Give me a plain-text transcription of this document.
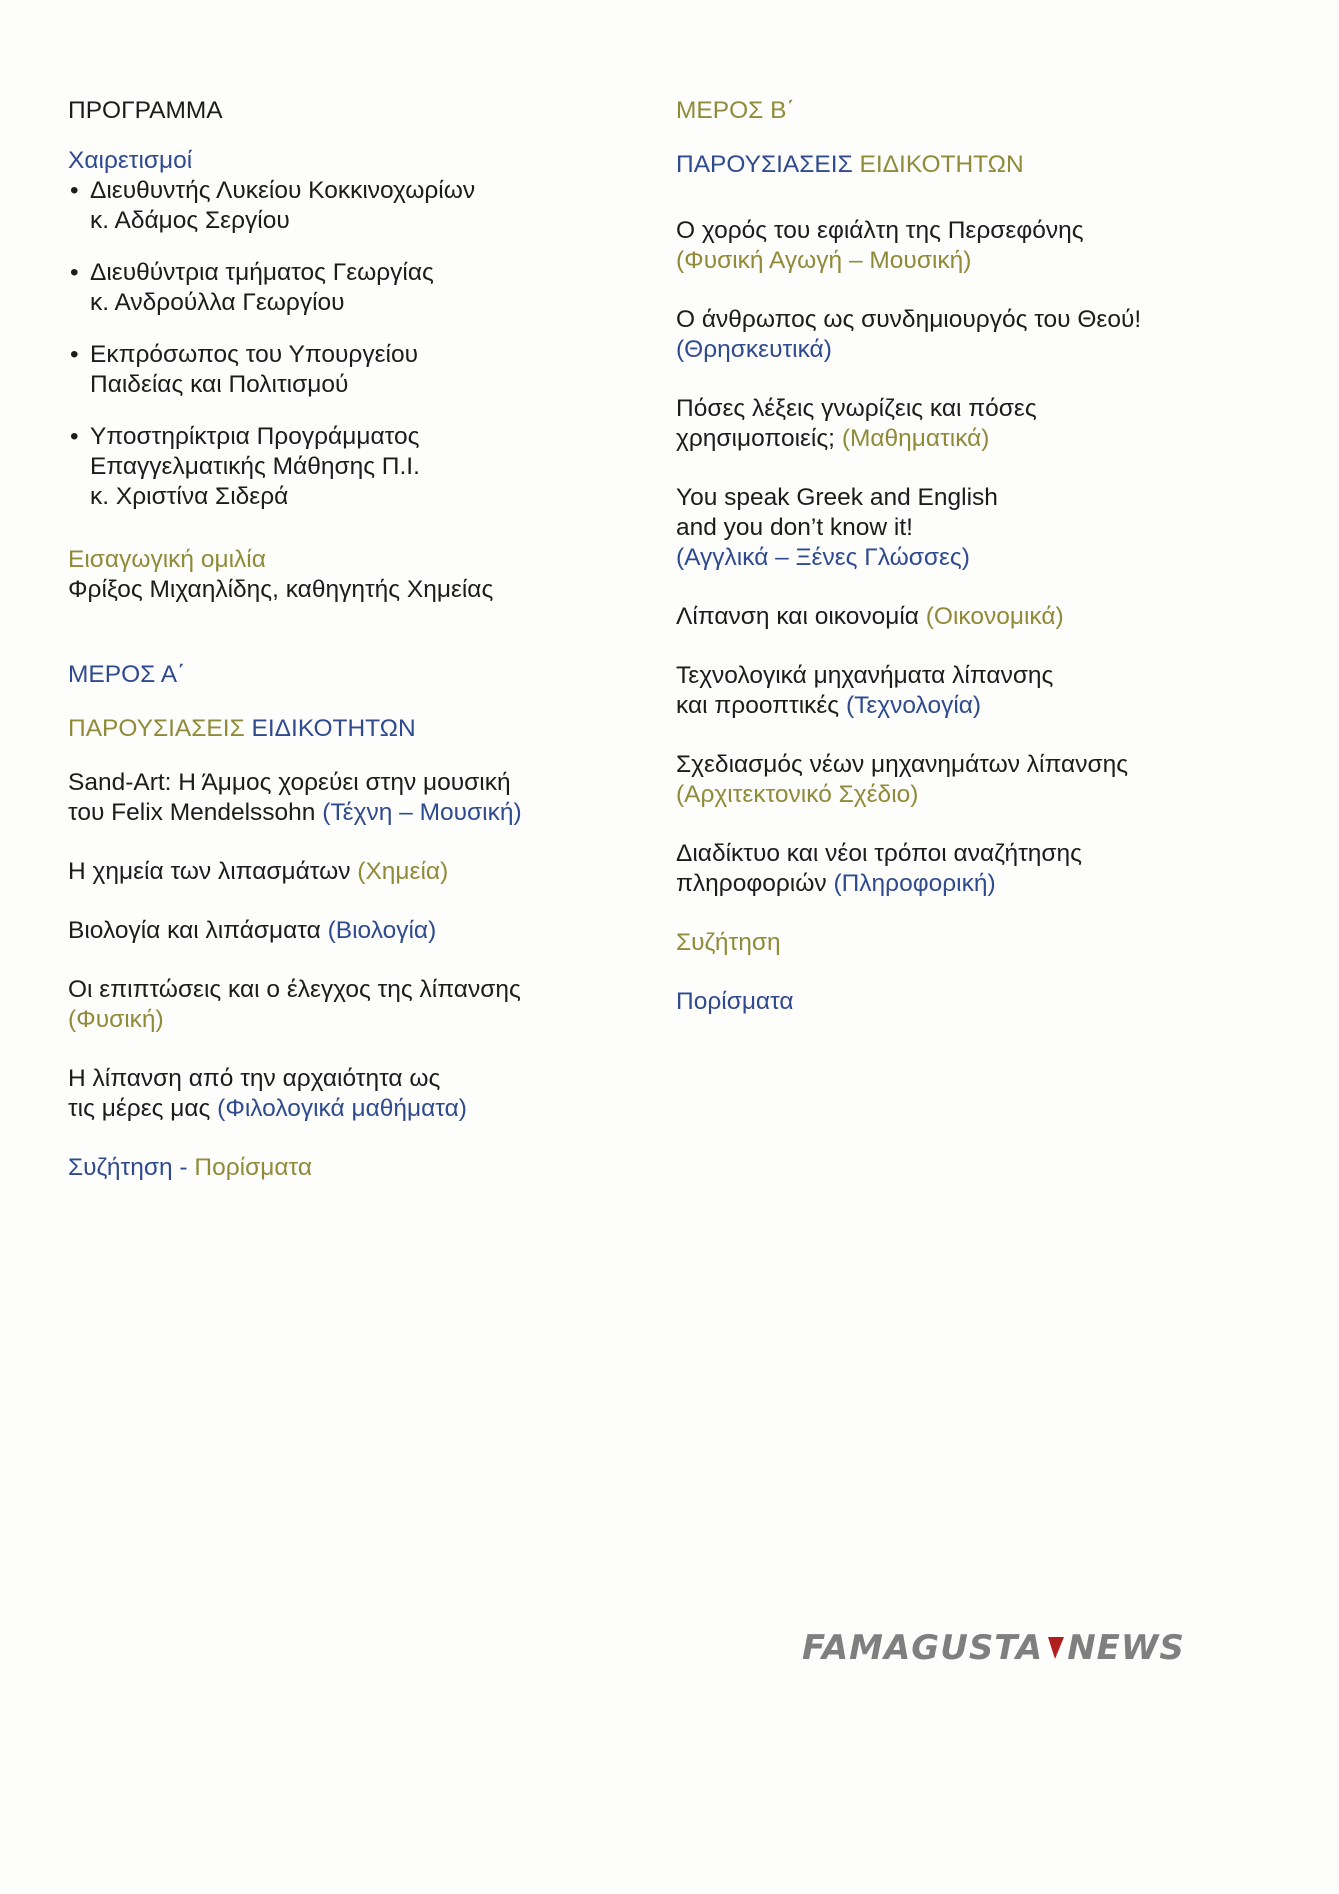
ΠΡΟΓΡΑΜΜΑ

Χαιρετισμοί

• Διευθυντής Λυκείου Κοκκινοχωρίων
κ. Αδάμος Σεργίου
• Διευθύντρια τμήματος Γεωργίας
κ. Ανδρούλλα Γεωργίου
• Εκπρόσωπος του Υπουργείου
Παιδείας και Πολιτισμού
• Υποστηρίκτρια Προγράμματος
Επαγγελματικής Μάθησης Π.Ι.
κ. Χριστίνα Σιδερά

Εισαγωγική ομιλία

Φρίξος Μιχαηλίδης, καθηγητής Χημείας

ΜΕΡΟΣ Α΄

ΠΑΡΟΥΣΙΑΣΕΙΣ ΕΙΔΙΚΟΤΗΤΩΝ

Sand-Art: Η Άμμος χορεύει στην μουσική

του Felix Mendelssohn (Τέχνη – Μουσική)

Η χημεία των λιπασμάτων (Χημεία)

Βιολογία και λιπάσματα (Βιολογία)

Οι επιπτώσεις και ο έλεγχος της λίπανσης

(Φυσική)

Η λίπανση από την αρχαιότητα ως

τις μέρες μας (Φιλολογικά μαθήματα)

Συζήτηση - Πορίσματα

ΜΕΡΟΣ Β΄

ΠΑΡΟΥΣΙΑΣΕΙΣ ΕΙΔΙΚΟΤΗΤΩΝ

Ο χορός του εφιάλτη της Περσεφόνης

(Φυσική Αγωγή – Μουσική)

Ο άνθρωπος ως συνδημιουργός του Θεού!

(Θρησκευτικά)

Πόσες λέξεις γνωρίζεις και πόσες

χρησιμοποιείς; (Μαθηματικά)

You speak Greek and English

and you don’t know it!

(Αγγλικά – Ξένες Γλώσσες)

Λίπανση και οικονομία (Οικονομικά)

Τεχνολογικά μηχανήματα λίπανσης

και προοπτικές (Τεχνολογία)

Σχεδιασμός νέων μηχανημάτων λίπανσης

(Αρχιτεκτονικό Σχέδιο)

Διαδίκτυο και νέοι τρόποι αναζήτησης

πληροφοριών (Πληροφορική)

Συζήτηση

Πορίσματα

FAMAGUSTA NEWS
